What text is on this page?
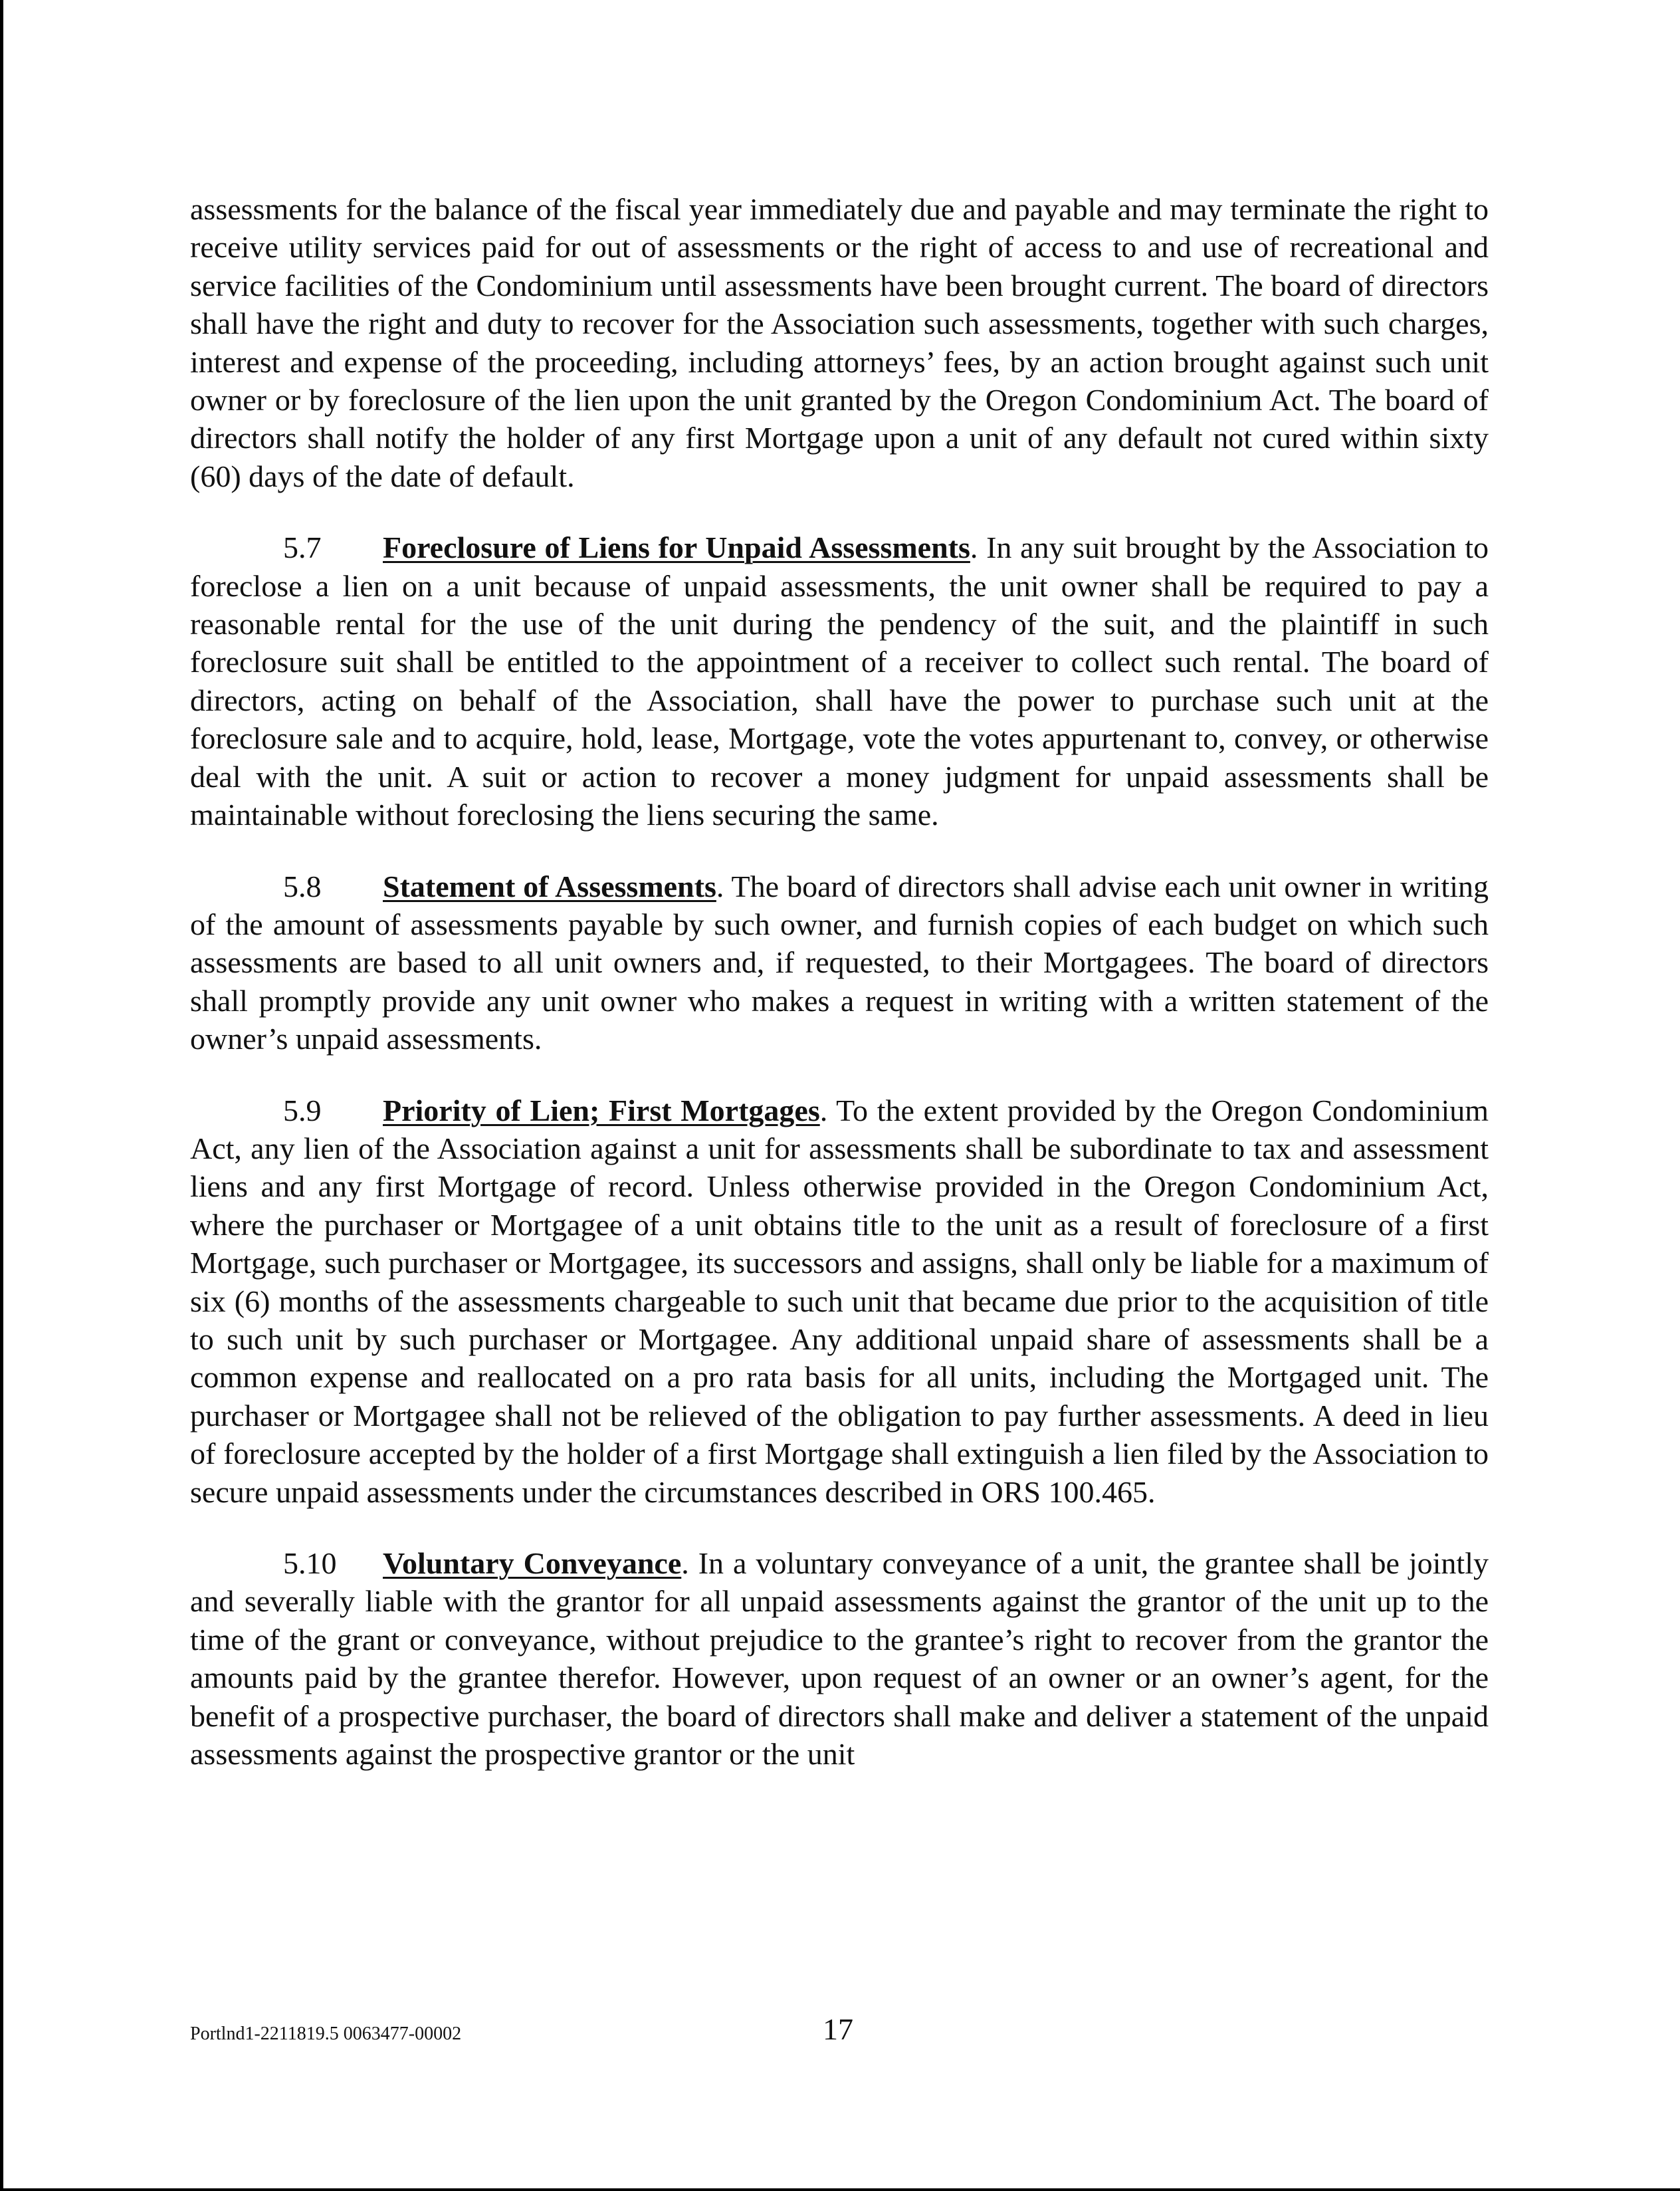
assessments for the balance of the fiscal year immediately due and payable and may terminate the right to receive utility services paid for out of assessments or the right of access to and use of recreational and service facilities of the Condominium until assessments have been brought current. The board of directors shall have the right and duty to recover for the Association such assessments, together with such charges, interest and expense of the proceeding, including attorneys’ fees, by an action brought against such unit owner or by foreclosure of the lien upon the unit granted by the Oregon Condominium Act. The board of directors shall notify the holder of any first Mortgage upon a unit of any default not cured within sixty (60) days of the date of default.

5.7 Foreclosure of Liens for Unpaid Assessments. In any suit brought by the Association to foreclose a lien on a unit because of unpaid assessments, the unit owner shall be required to pay a reasonable rental for the use of the unit during the pendency of the suit, and the plaintiff in such foreclosure suit shall be entitled to the appointment of a receiver to collect such rental. The board of directors, acting on behalf of the Association, shall have the power to purchase such unit at the foreclosure sale and to acquire, hold, lease, Mortgage, vote the votes appurtenant to, convey, or otherwise deal with the unit. A suit or action to recover a money judgment for unpaid assessments shall be maintainable without foreclosing the liens securing the same.

5.8 Statement of Assessments. The board of directors shall advise each unit owner in writing of the amount of assessments payable by such owner, and furnish copies of each budget on which such assessments are based to all unit owners and, if requested, to their Mortgagees. The board of directors shall promptly provide any unit owner who makes a request in writing with a written statement of the owner’s unpaid assessments.

5.9 Priority of Lien; First Mortgages. To the extent provided by the Oregon Condominium Act, any lien of the Association against a unit for assessments shall be subordinate to tax and assessment liens and any first Mortgage of record. Unless otherwise provided in the Oregon Condominium Act, where the purchaser or Mortgagee of a unit obtains title to the unit as a result of foreclosure of a first Mortgage, such purchaser or Mortgagee, its successors and assigns, shall only be liable for a maximum of six (6) months of the assessments chargeable to such unit that became due prior to the acquisition of title to such unit by such purchaser or Mortgagee. Any additional unpaid share of assessments shall be a common expense and reallocated on a pro rata basis for all units, including the Mortgaged unit. The purchaser or Mortgagee shall not be relieved of the obligation to pay further assessments. A deed in lieu of foreclosure accepted by the holder of a first Mortgage shall extinguish a lien filed by the Association to secure unpaid assessments under the circumstances described in ORS 100.465.

5.10 Voluntary Conveyance. In a voluntary conveyance of a unit, the grantee shall be jointly and severally liable with the grantor for all unpaid assessments against the grantor of the unit up to the time of the grant or conveyance, without prejudice to the grantee’s right to recover from the grantor the amounts paid by the grantee therefor. However, upon request of an owner or an owner’s agent, for the benefit of a prospective purchaser, the board of directors shall make and deliver a statement of the unpaid assessments against the prospective grantor or the unit

Portlnd1-2211819.5 0063477-00002	17
